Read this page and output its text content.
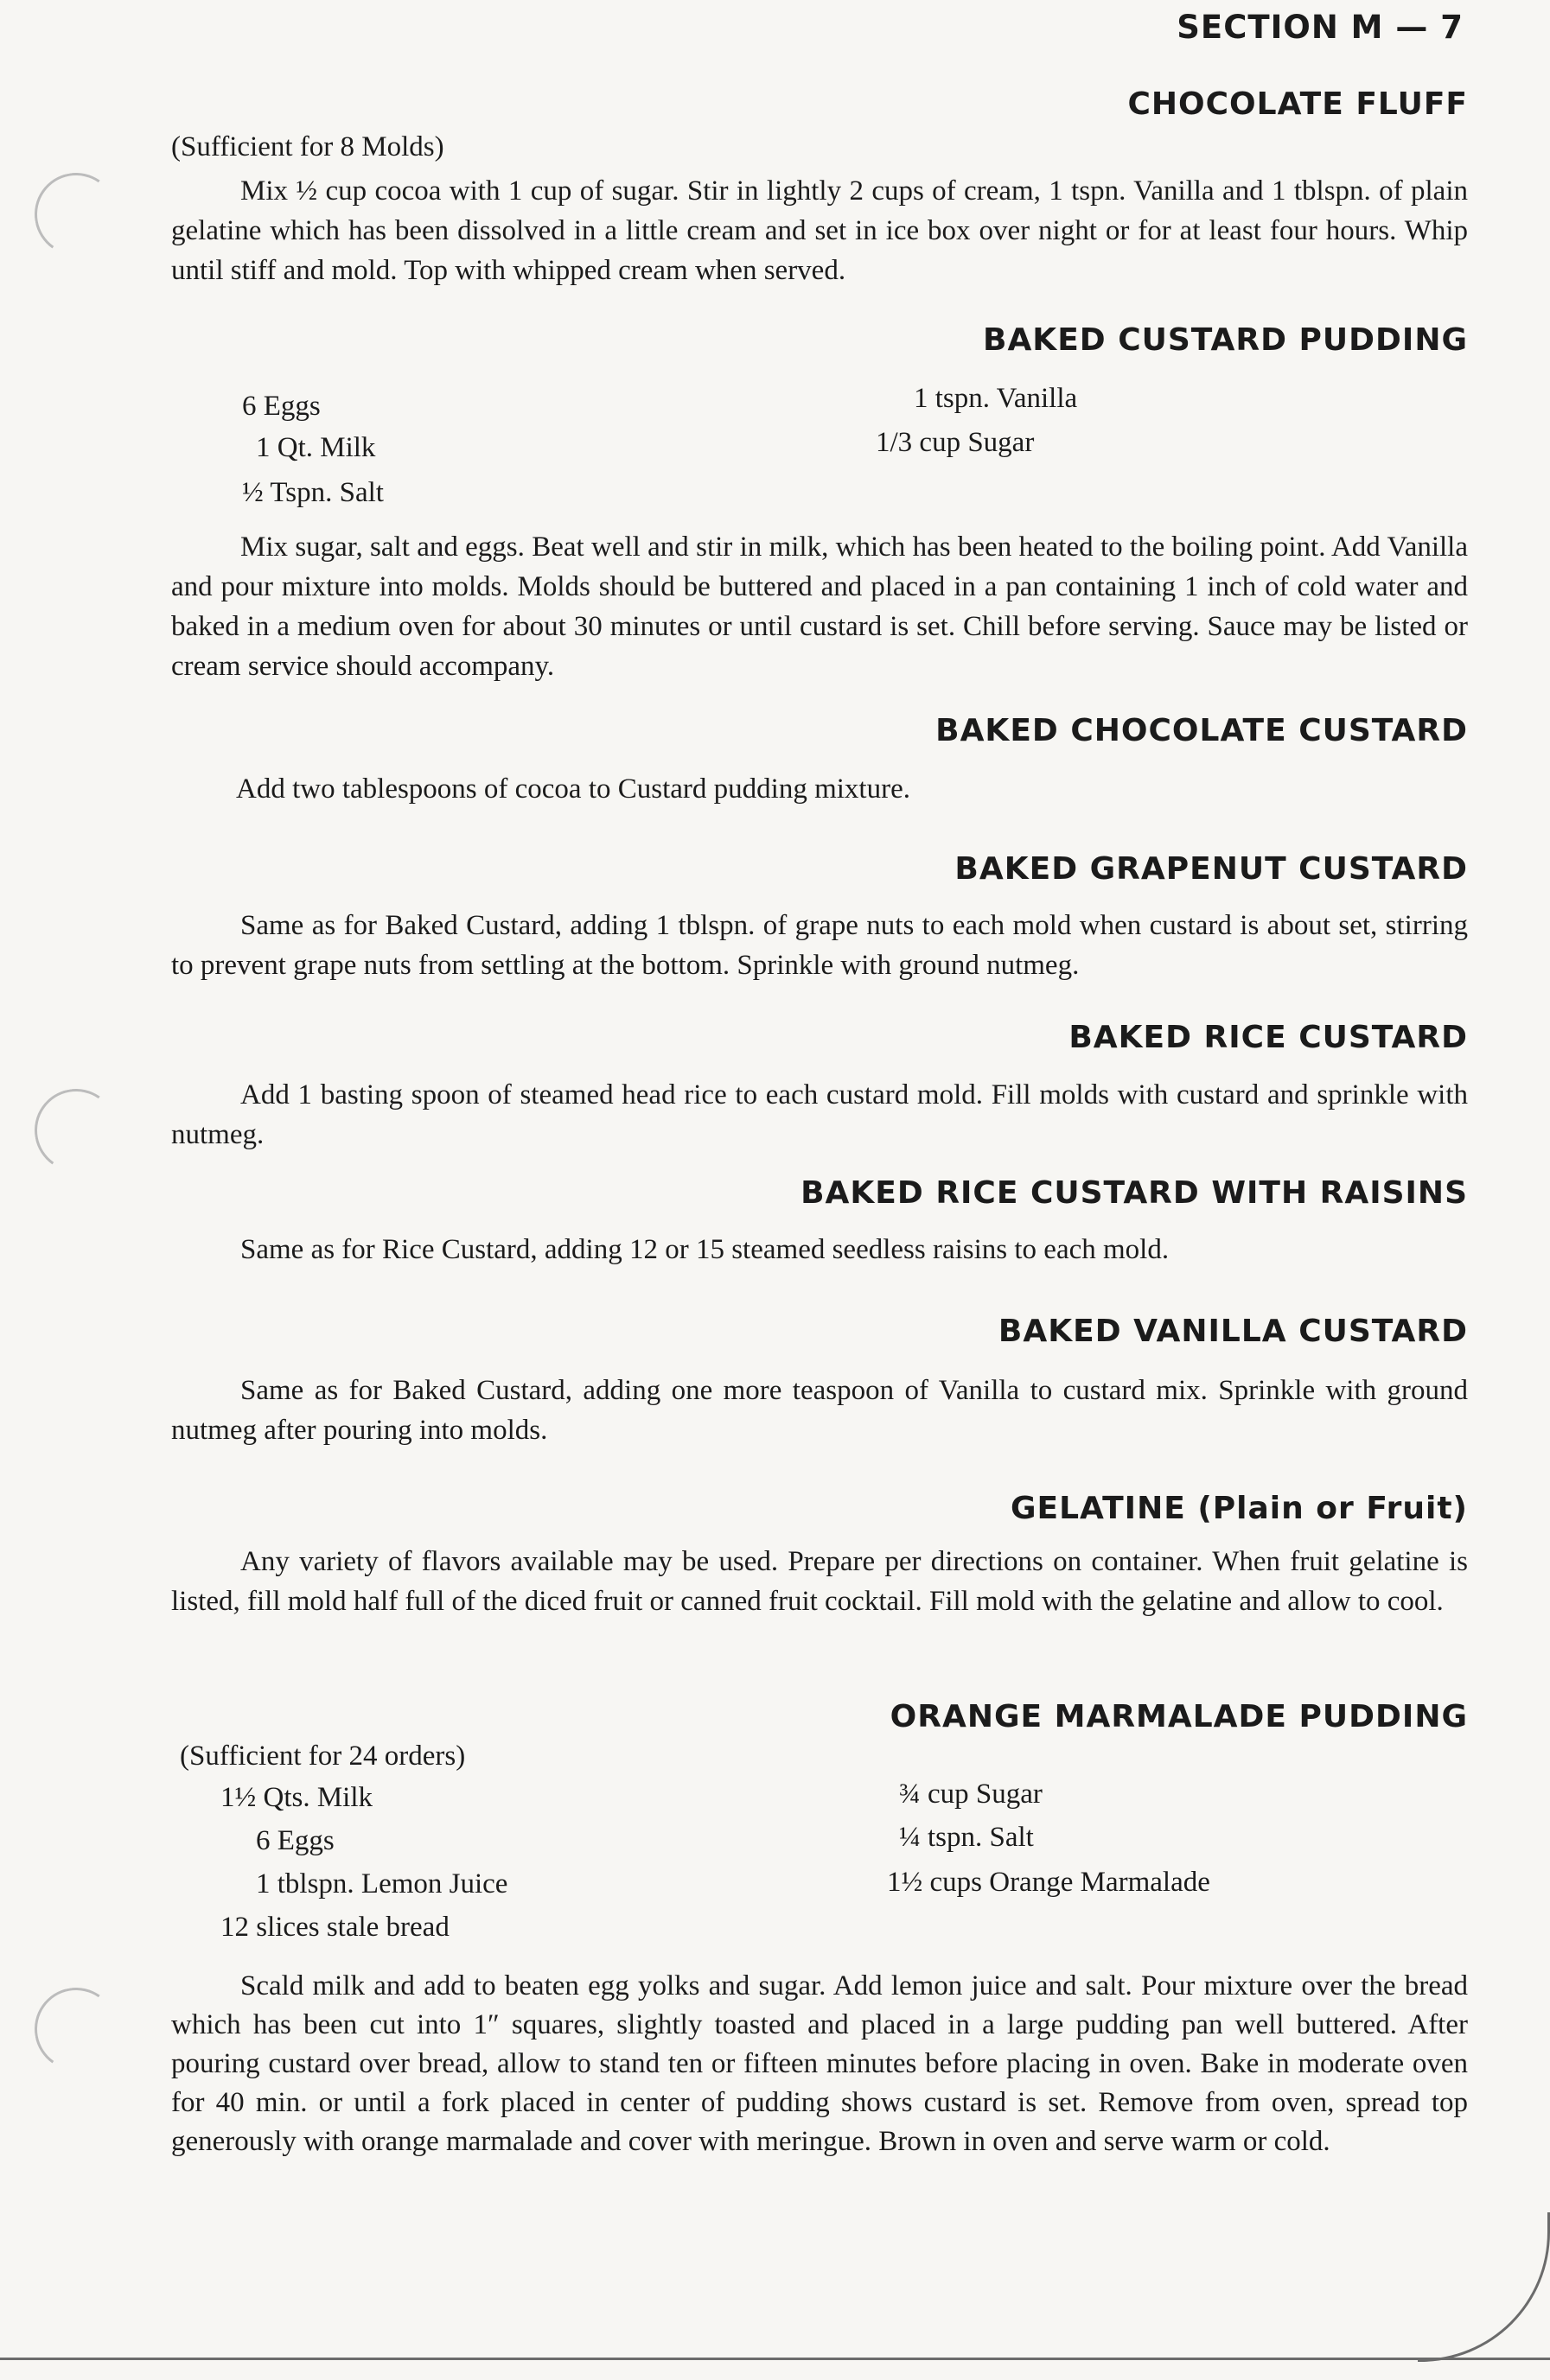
SECTION M — 7
CHOCOLATE FLUFF
(Sufficient for 8 Molds)
Mix ½ cup cocoa with 1 cup of sugar. Stir in lightly 2 cups of cream, 1 tspn. Vanilla and 1 tblspn. of plain gelatine which has been dissolved in a little cream and set in ice box over night or for at least four hours. Whip until stiff and mold. Top with whipped cream when served.
BAKED CUSTARD PUDDING
6 Eggs
1 Qt. Milk
½ Tspn. Salt
1 tspn. Vanilla
1/3 cup Sugar
Mix sugar, salt and eggs. Beat well and stir in milk, which has been heated to the boiling point. Add Vanilla and pour mixture into molds. Molds should be buttered and placed in a pan containing 1 inch of cold water and baked in a medium oven for about 30 minutes or until custard is set. Chill before serving. Sauce may be listed or cream service should accompany.
BAKED CHOCOLATE CUSTARD
Add two tablespoons of cocoa to Custard pudding mixture.
BAKED GRAPENUT CUSTARD
Same as for Baked Custard, adding 1 tblspn. of grape nuts to each mold when custard is about set, stirring to prevent grape nuts from settling at the bottom. Sprinkle with ground nutmeg.
BAKED RICE CUSTARD
Add 1 basting spoon of steamed head rice to each custard mold. Fill molds with custard and sprinkle with nutmeg.
BAKED RICE CUSTARD WITH RAISINS
Same as for Rice Custard, adding 12 or 15 steamed seedless raisins to each mold.
BAKED VANILLA CUSTARD
Same as for Baked Custard, adding one more teaspoon of Vanilla to custard mix. Sprinkle with ground nutmeg after pouring into molds.
GELATINE (Plain or Fruit)
Any variety of flavors available may be used. Prepare per directions on container. When fruit gelatine is listed, fill mold half full of the diced fruit or canned fruit cocktail. Fill mold with the gelatine and allow to cool.
ORANGE MARMALADE PUDDING
(Sufficient for 24 orders)
1½ Qts. Milk
6 Eggs
1 tblspn. Lemon Juice
12 slices stale bread
¾ cup Sugar
¼ tspn. Salt
1½ cups Orange Marmalade
Scald milk and add to beaten egg yolks and sugar. Add lemon juice and salt. Pour mixture over the bread which has been cut into 1″ squares, slightly toasted and placed in a large pudding pan well buttered. After pouring custard over bread, allow to stand ten or fifteen minutes before placing in oven. Bake in moderate oven for 40 min. or until a fork placed in center of pudding shows custard is set. Remove from oven, spread top generously with orange marmalade and cover with meringue. Brown in oven and serve warm or cold.
